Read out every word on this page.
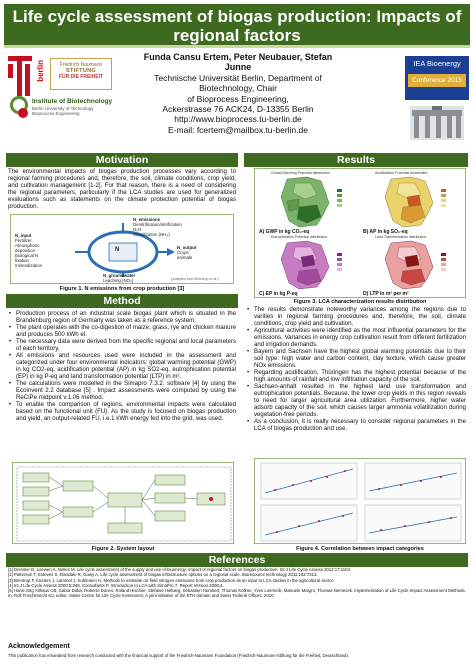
Life cycle assessment of biogas production: Impacts of regional factors
berlin	Friedrich Naumann
STIFTUNG
FÜR DIE FREIHEIT
Institute of Biotechnology
Berlin University of Technology
Bioprocess Engineering
Funda Cansu Ertem, Peter Neubauer, Stefan Junne
Technische Universität Berlin, Department of Biotechnology, Chair
of Bioprocess Engineering,
Ackerstrasse 76 ACK24, D-13355 Berlin
http://www.bioprocess.tu-berlin.de
E-mail: fcertem@mailbox.tu-berlin.de
IEA Bioenergy
Conference 2015
Motivation
The environmental impacts of biogas production processes vary according to regional farming procedures and, therefore, the soil, climate conditions, crop yield, and cultivation management [1-2]. For that reason, there is a need of considering the regional parameters, particularly if the LCA studies are used for generalized evaluations such as statements on the climate protection potential of biogas production.
N
N_input
Fertilizer
Atmospheric
deposition
Biological N
fixation
mineralization
N_emissions
Denitrification/nitrification
N₂O
Volatilization (NH₃)
N_output
Crops
animals
N_groundwater
Leaching (NO₃)	(Adapted from Brentrup et al.)
Figure 1. N emissions from crop production [3]
Method
• Production process of an industrial scale biogas plant which is situated in the Brandenburg region of Germany was taken as a reference system.
• The plant operates with the co-digestion of maize, grass, rye and chicken manure and produces 500 kWh el.
• The necessary data were derived from the specific regional and local parameters of each territory.
• All emissions and resources used were included in the assessment and categorized under four environmental indicators: global warming potential (GWP) in kg CO2-eq, acidification potential (AP) in kg SO2-eq, eutrophication potential (EP) in kg P-eq and land transformation potential (LTP) in m².
• The calculations were modelled in the Simapro 7.3.2. software [4] by using the Ecoinvent 2.2 database [5] . Impact assessments were computed by using the ReCiPe midpoint v.1.06 method.
• To enable the comparison of regions, environmental impacts were calculated based on the functional unit (FU). As the study is focused on biogas production and yield, an output-related FU, i.e.1 kWh energy fed into the grid, was used.
Figure 2. System layout
Results
Global Warming Potential distribution
A) GWP in kg CO₂-eq
Acidification Potential distribution
B) AP in kg SO₂-eq
Eutrophication Potential distribution
C) EP in kg P-eq
Land Transformation distribution
D) LTP in m² per m²
Figure 3. LCA characterization results distribution
• The results demonstrate noteworthy variances among the regions due to varities in regional farming procedures and, therefore, the soil, climate conditions, crop yield and cultivation.
• Agricultural activities were identified as the most influential parameters for the emissions. Variances in energy crop cultivation result from different fertilization and irrigation demands.
• Bayern and Sachsen have the highest global warming potentials due to their soil type: high water and carbon content, clay texture, which cause greater NOx emissions.
• Regarding acidification, Thüringen has the highest potential because of the high amounts of rainfall and low infiltration capacity of the soil.
• Sachsen-anhalt resulted in the highest land use transformation and eutrophication potentials. Because, the lower crop yields in this region reveals to need for larger agricultural area utilization. Furthermore, higher water adsorb capacity of the soil, which causes larger ammonia volatilization during vegetation-free periods.
• As a conclusion, it is really necessary to consider regional parameters in the LCA of biogas production and use.
Figure 4. Correlation between impact categories
References
[1] Dressler D, Loewen A, Nelles M. Life cycle assessment of the supply and use of bioenergy: impact of regional factors on biogas production. Int J Life Cycle Assess 2012;17:1104
[2] Patterson T, Esteves S, Dinsdale R, Guwy A. Life cycle assessment of biogas infrastructure options on a regional scale. Bioresource technology 2011;102:7313.
[3] Brentrup F, Küsters J, Lammel J, Kuhlmann H. Methods to estimate on-field nitrogen emissions from crop production as an input to LCA studies in the agricultural sector.
[4] Int J Life Cycle Assess 2000;5:349. Consultants P. Introduction to LCA with SimaPro 7. Report Version 2008;4.
[5] Hans-Jörg Althaus CB, Gabor Doka, Roberto Dones, Roland Hischier, Stefanie Hellweg, Sébastien Humbert, Thomas Köllner, Yves Loerincik, Manuele Margni, Thomas Nemecek. Implementation of Life Cycle Impact Assessment Methods. In: Rolf Frischknecht NJ, editor: Swiss Centre for Life Cycle Inventories; A joint initiative of the ETH domain and Swiss Federal Offices; 2010.
Acknowledgement
This publication has emanated from research conducted with the financial support of the Friedrich-Naumann Foundation (Friedrich-Naumann-Stiftung für die Freiheit, Deutschland).
